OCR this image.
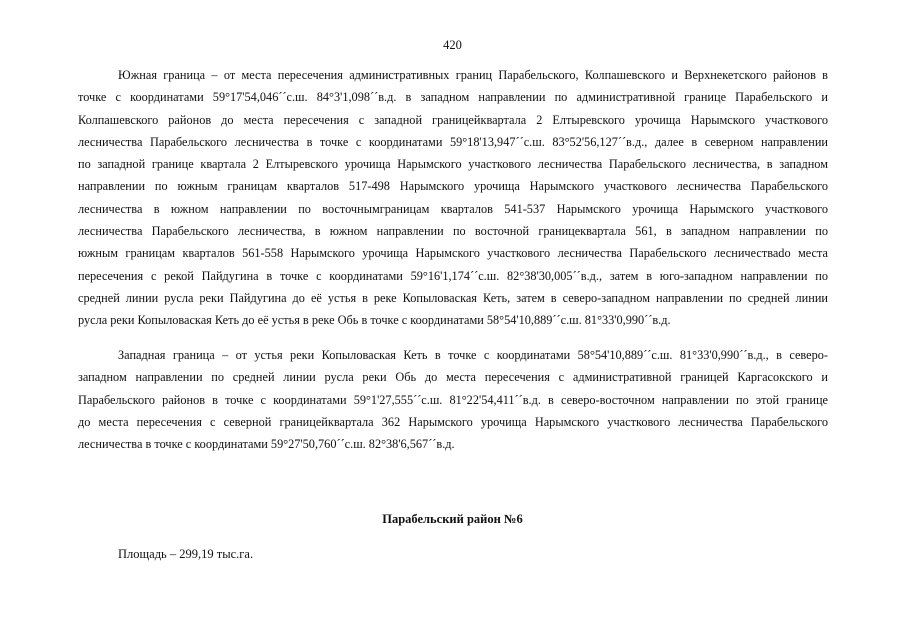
420
Южная граница – от места пересечения административных границ Парабельского, Колпашевского и Верхнекетского районов в
точке с координатами 59°17'54,046´´с.ш. 84°3'1,098´´в.д. в западном направлении по административной границе Парабельского и
Колпашевского районов до места пересечения с западной границейквартала 2 Елтыревского урочища Нарымского участкового
лесничества Парабельского лесничества в точке с координатами 59°18'13,947´´с.ш. 83°52'56,127´´в.д., далее в северном направлении
по западной границе квартала 2 Елтыревского урочища Нарымского участкового лесничества Парабельского лесничества, в западном
направлении по южным границам кварталов 517-498 Нарымского урочища Нарымского участкового лесничества Парабельского
лесничества в южном направлении по восточнымграницам кварталов 541-537 Нарымского урочища Нарымского участкового
лесничества Парабельского лесничества, в южном направлении по восточной границеквартала 561, в западном направлении по
южным границам кварталов 561-558 Нарымского урочища Нарымского участкового лесничества Парабельского лесничестваdо места
пересечения с рекой Пайдугина в точке с координатами 59°16'1,174´´с.ш. 82°38'30,005´´в.д., затем в юго-западном направлении по
средней линии русла реки Пайдугина до её устья в реке Копыловаская Кеть, затем в северо-западном направлении по средней линии
русла реки Копыловаская Кеть до её устья в реке Обь в точке с координатами 58°54'10,889´´с.ш. 81°33'0,990´´в.д.
Западная граница – от устья реки Копыловаская Кеть в точке с координатами 58°54'10,889´´с.ш. 81°33'0,990´´в.д., в северо-
западном направлении по средней линии русла реки Обь до места пересечения с административной границей Каргасокского и
Парабельского районов в точке с координатами 59°1'27,555´´с.ш. 81°22'54,411´´в.д. в северо-восточном направлении по этой границе
до места пересечения с северной границейквартала 362 Нарымского урочища Нарымского участкового лесничества Парабельского
лесничества в точке с координатами 59°27'50,760´´с.ш. 82°38'6,567´´в.д.
Парабельский район №6
Площадь – 299,19 тыс.га.
